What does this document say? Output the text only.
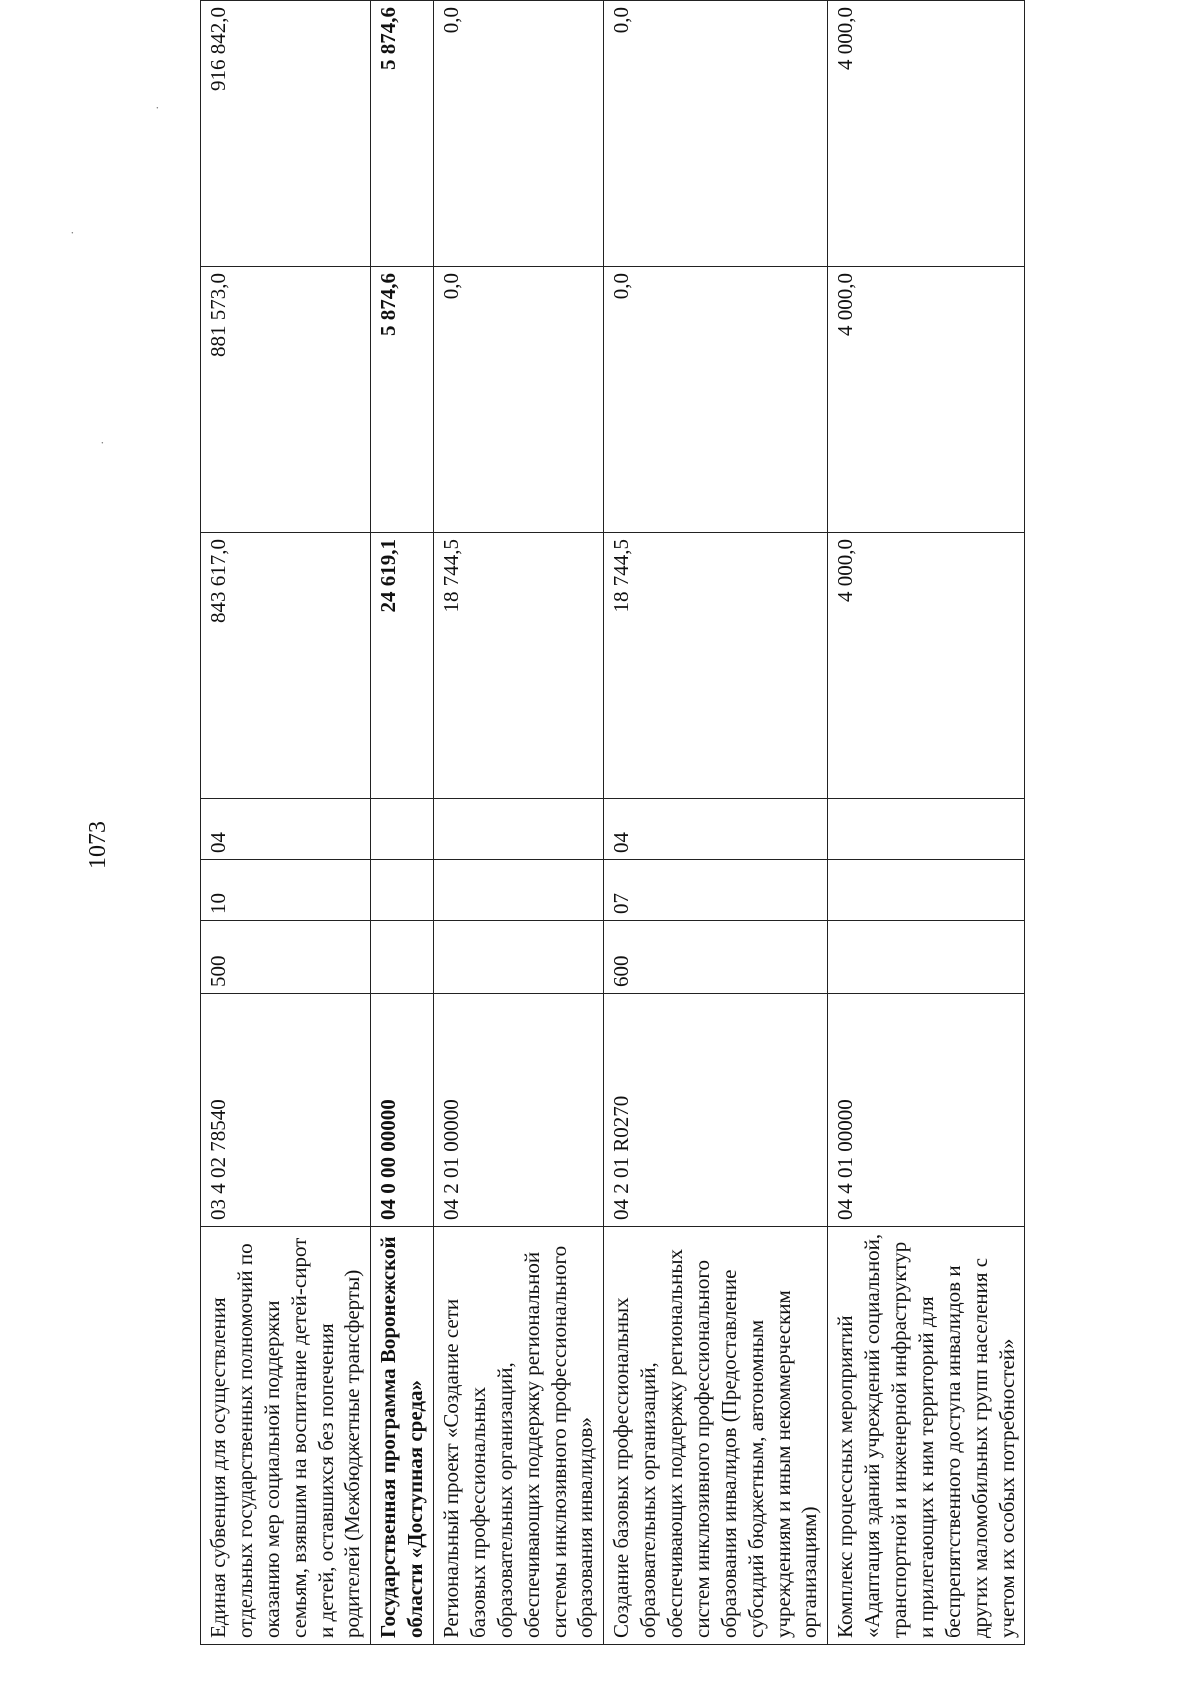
1073
˙
˙
˙
Единая субвенция для осуществления отдельных государственных полномочий по оказанию мер социальной поддержки семьям, взявшим на воспитание детей-сирот и детей, оставшихся без попечения родителей (Межбюджетные трансферты)	03 4 02 78540	500	10	04	843 617,0	881 573,0	916 842,0
Государственная программа Воронежской области «Доступная среда»	04 0 00 00000				24 619,1	5 874,6	5 874,6
Региональный проект «Создание сети базовых профессиональных образовательных организаций, обеспечивающих поддержку региональной системы инклюзивного профессионального образования инвалидов»	04 2 01 00000				18 744,5	0,0	0,0
Создание базовых профессиональных образовательных организаций, обеспечивающих поддержку региональных систем инклюзивного профессионального образования инвалидов (Предоставление субсидий бюджетным, автономным учреждениям и иным некоммерческим организациям)	04 2 01 R0270	600	07	04	18 744,5	0,0	0,0
Комплекс процессных мероприятий «Адаптация зданий учреждений социальной, транспортной и инженерной инфраструктур и прилегающих к ним территорий для беспрепятственного доступа инвалидов и других маломобильных групп населения с учетом их особых потребностей»	04 4 01 00000				4 000,0	4 000,0	4 000,0
